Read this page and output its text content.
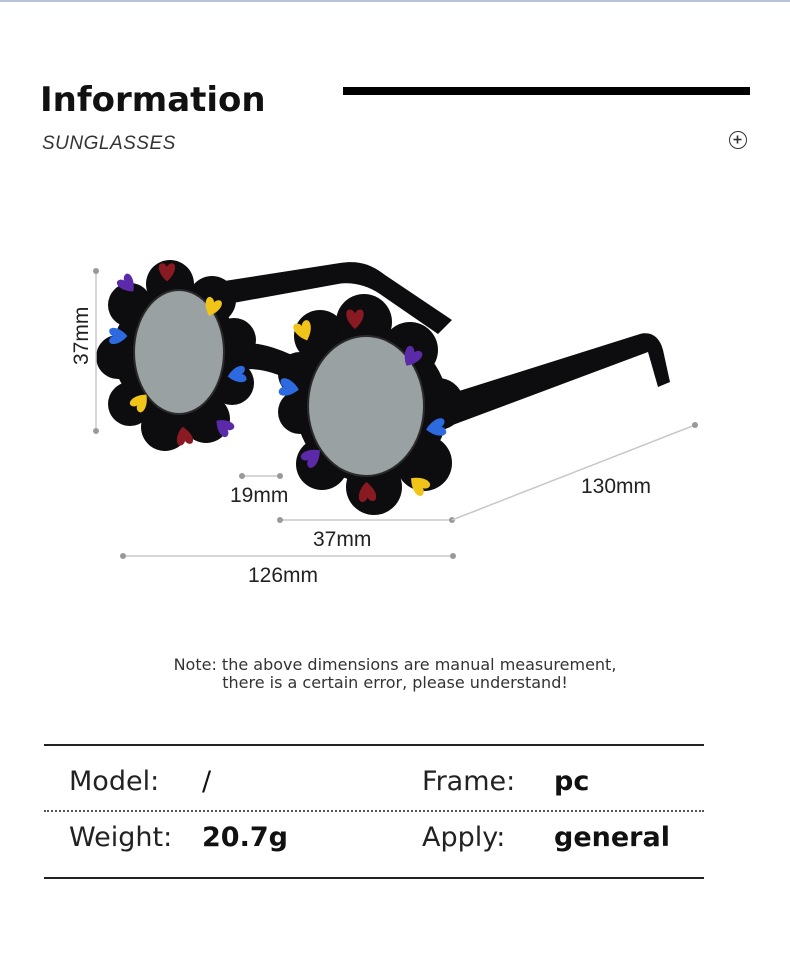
Information
SUNGLASSES
37mm
19mm
37mm
126mm
130mm
Note: the above dimensions are manual measurement,
there is a certain error, please understand!
Model: /	Frame: pc
Weight: 20.7g	Apply: general
